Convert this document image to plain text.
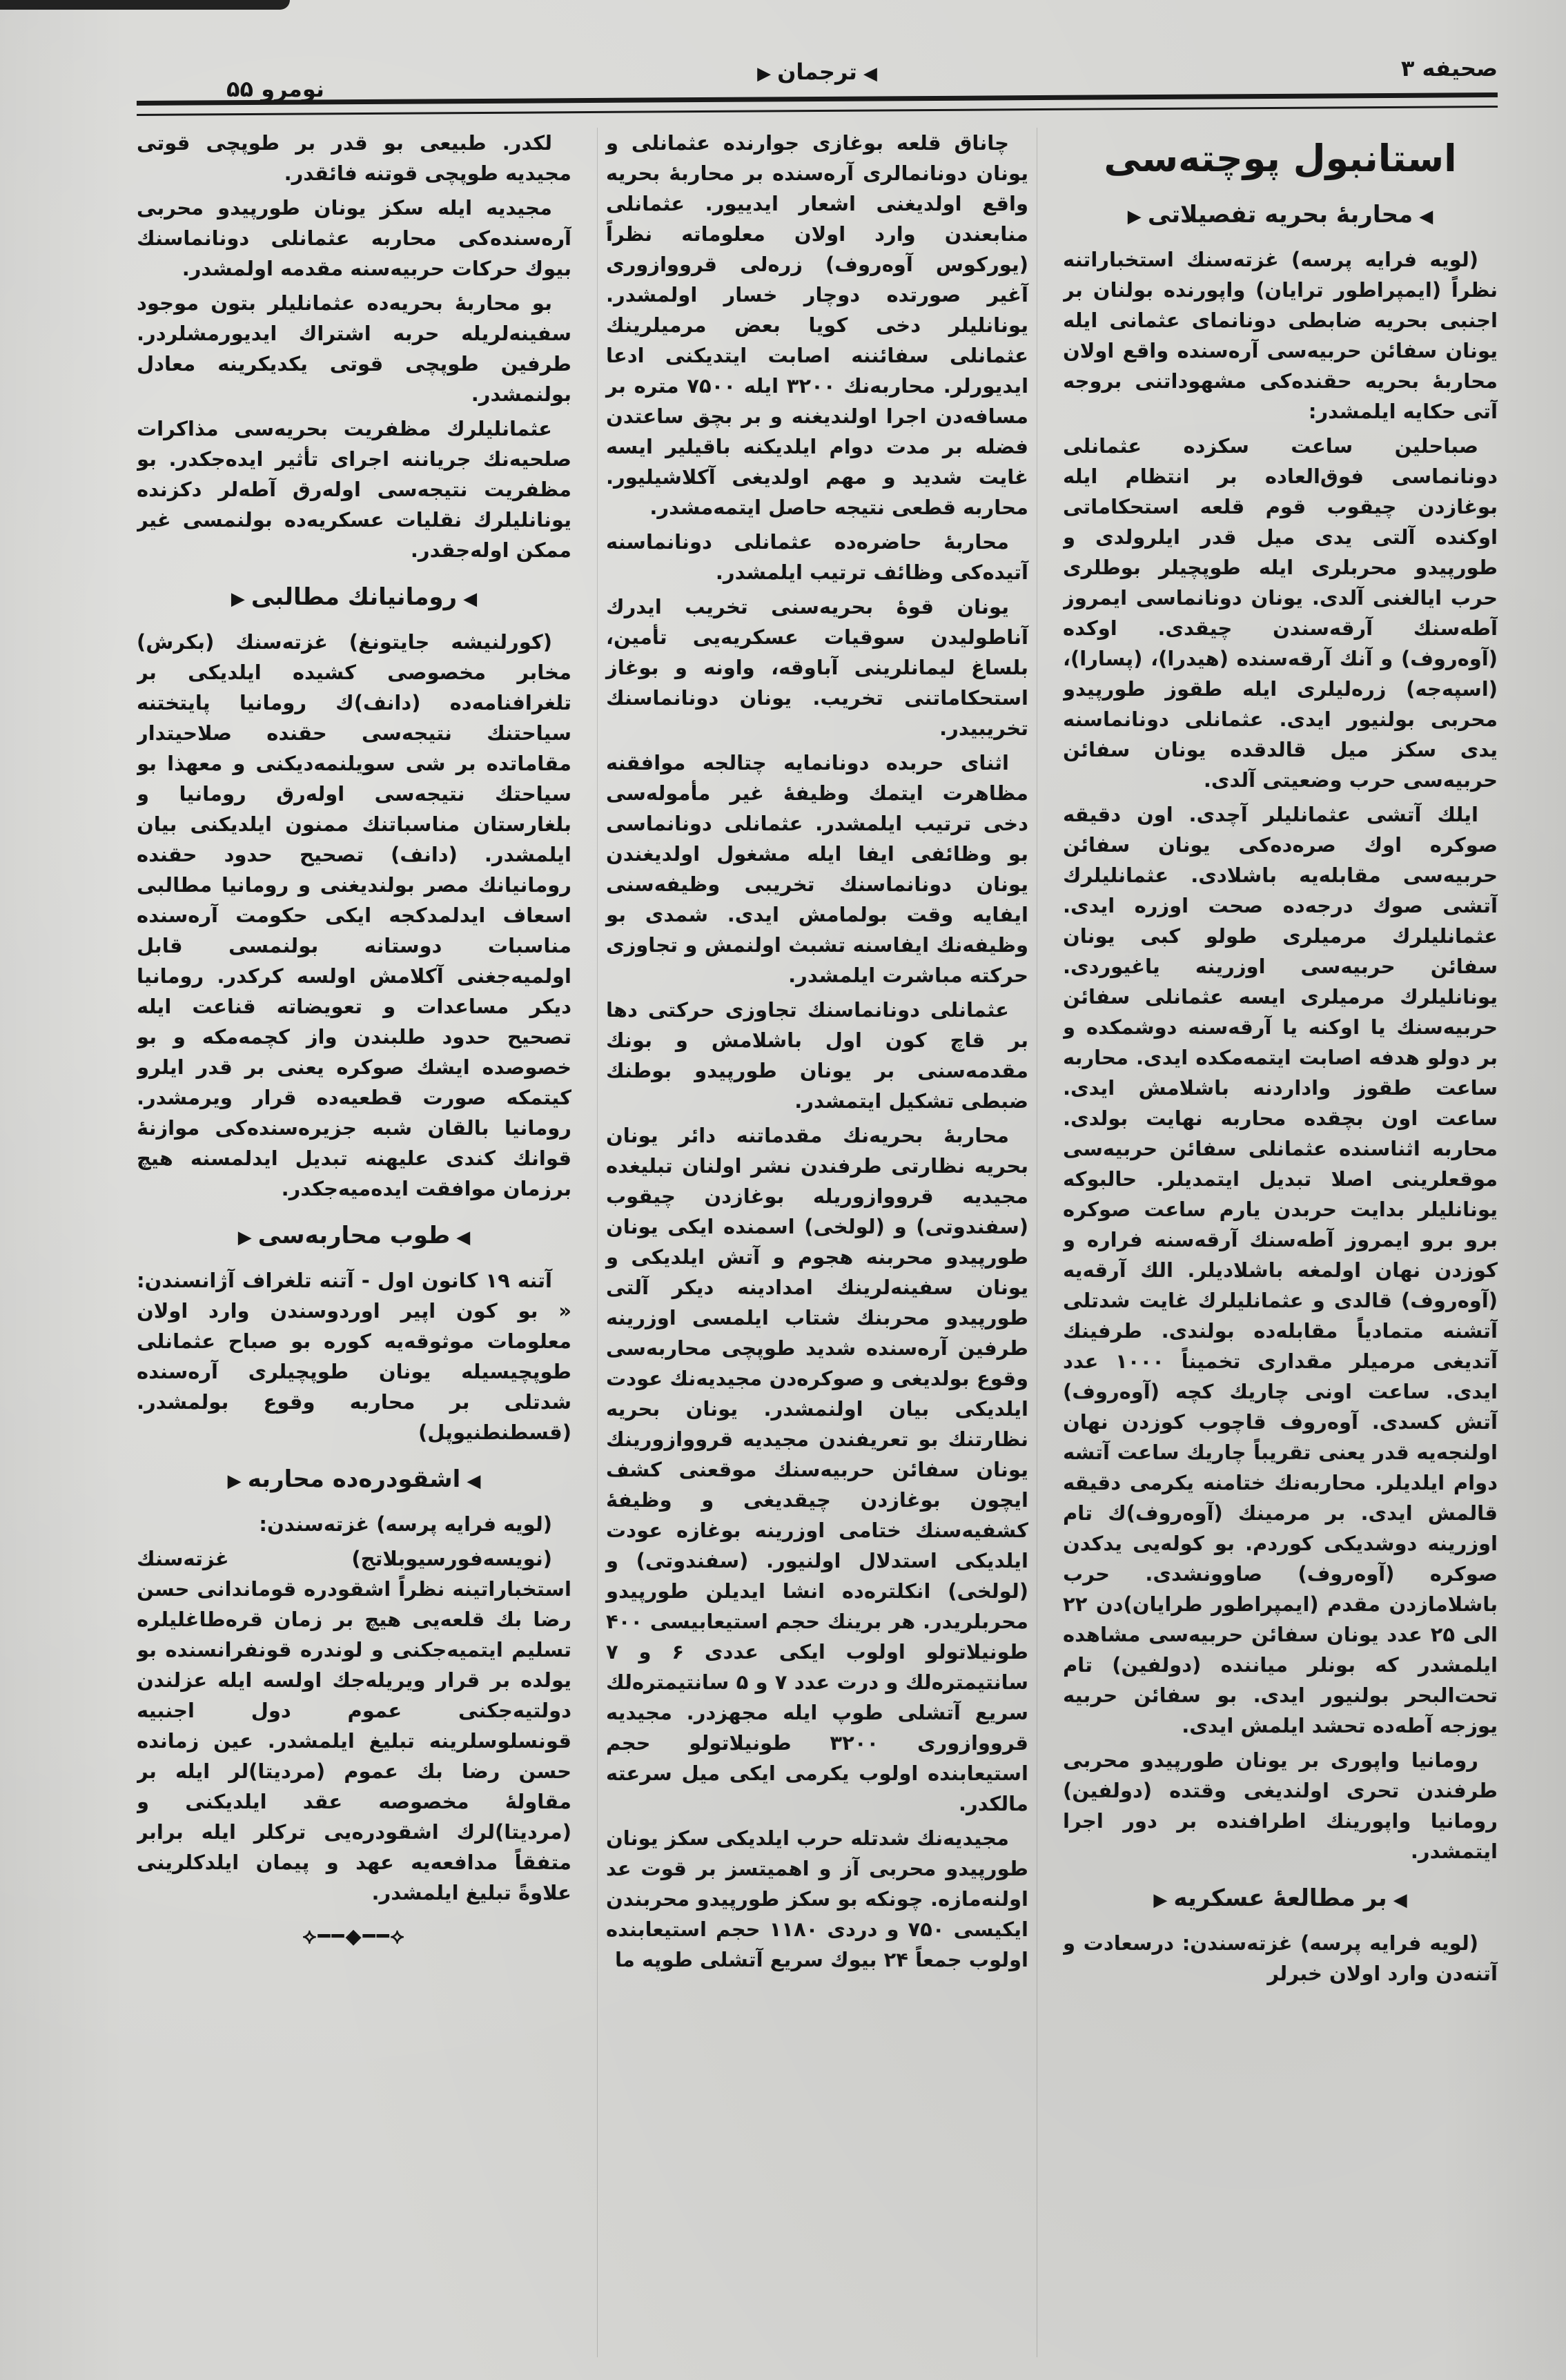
صحیفه ۳
◀ ترجمان ▶
نومرو ۵۵
استانبول پوچته‌سی
◀ محاربهٔ بحریه تفصیلاتی ▶

(لویه فرایه پرسه) غزته‌سنك استخباراتنه نظراً (ایمپراطور ترایان) واپورنده بولنان بر اجنبی بحریه ضابطی دونانمای عثمانی ایله یونان سفائن حربیه‌سی آره‌سنده واقع اولان محاربهٔ بحریه حقنده‌کی مشهوداتنی بروجه آتی حکایه ایلمشدر:

صباحلین ساعت سکزده عثمانلی دونانماسی فوق‌العاده بر انتظام ایله بوغازدن چیقوب قوم قلعه استحکاماتی اوکنده آلتی یدی میل قدر ایلرولدی و طورپیدو محربلری ایله طوپچیلر بوطلری حرب ایالغنی آلدی. یونان دونانماسی ایمروز آطه‌سنك آرقه‌سندن چیقدی. اوکده (آوه‌روف) و آنك آرقه‌سنده (هیدرا)، (پسارا)، (اسپه‌جه) زره‌لیلری ایله طقوز طورپیدو محربی بولنیور ایدی. عثمانلی دونانماسنه یدی سکز میل قالدقده یونان سفائن حربیه‌سی حرب وضعیتی آلدی.

ایلك آتشی عثمانلیلر آچدی. اون دقیقه صوکره اوك صره‌ده‌کی یونان سفائن حربیه‌سی مقابله‌یه باشلادی. عثمانلیلرك آتشی صوك درجه‌ده صحت اوزره ایدی. عثمانلیلرك مرمیلری طولو کبی یونان سفائن حربیه‌سی اوزرینه یاغیوردی. یونانلیلرك مرمیلری ایسه عثمانلی سفائن حربیه‌سنك یا اوکنه یا آرقه‌سنه دوشمکده و بر دولو هدفه اصابت ایتمه‌مکده ایدی. محاربه ساعت طقوز واداردنه باشلامش ایدی. ساعت اون بچقده محاربه نهایت بولدی. محاربه اثناسنده عثمانلی سفائن حربیه‌سی موقعلرینی اصلا تبدیل ایتمدیلر. حالبوکه یونانلیلر بدایت حربدن یارم ساعت صوکره برو برو ایمروز آطه‌سنك آرقه‌سنه فراره و کوزدن نهان اولمغه باشلادیلر. الك آرقه‌یه (آوه‌روف) قالدی و عثمانلیلرك غایت شدتلی آتشنه متمادیاً مقابله‌ده بولندی. طرفینك آتدیغی مرمیلر مقداری تخمیناً ۱۰۰۰ عدد ایدی. ساعت اونی چاریك کچه (آوه‌روف) آتش کسدی. آوه‌روف قاچوب کوزدن نهان اولنجه‌یه قدر یعنی تقریباً چاریك ساعت آتشه دوام ایلدیلر. محاربه‌نك ختامنه یکرمی دقیقه قالمش ایدی. بر مرمینك (آوه‌روف)ك تام اوزرینه دوشدیکی کوردم. بو کوله‌یی یدکدن صوکره (آوه‌روف) صاوونشدی. حرب باشلامازدن مقدم (ایمپراطور طرایان)دن ۲۲ الی ۲۵ عدد یونان سفائن حربیه‌سی مشاهده ایلمشدر که بونلر میاننده (دولفین) تام تحت‌البحر بولنیور ایدی. بو سفائن حربیه یوزجه آطه‌ده تحشد ایلمش ایدی.

رومانیا واپوری بر یونان طورپیدو محربی طرفندن تحری اولندیغی وقتده (دولفین) رومانیا واپورینك اطرافنده بر دور اجرا ایتمشدر.

◀ بر مطالعهٔ عسکریه ▶

(لویه فرایه پرسه) غزته‌سندن: درسعادت و آتنه‌دن وارد اولان خبرلر

چاناق قلعه بوغازی جوارنده عثمانلی و یونان دونانمالری آره‌سنده بر محاربهٔ بحریه واقع اولدیغنی اشعار ایدییور. عثمانلی منابعندن وارد اولان معلوماته نظراً (یورکوس آوه‌روف) زره‌لی قرووازوری آغیر صورتده دوچار خسار اولمشدر. یونانلیلر دخی کویا بعض مرمیلرینك عثمانلی سفائننه اصابت ایتدیکنی ادعا ایدیورلر. محاربه‌نك ۳۲۰۰ ایله ۷۵۰۰ متره بر مسافه‌دن اجرا اولندیغنه و بر بچق ساعتدن فضله بر مدت دوام ایلدیکنه باقیلیر ایسه غایت شدید و مهم اولدیغی آکلاشیلیور. محاربه قطعی نتیجه حاصل ایتمه‌مشدر.

محاربهٔ حاضره‌ده عثمانلی دونانماسنه آتیده‌کی وظائف ترتیب ایلمشدر.

یونان قوهٔ بحریه‌سنی تخریب ایدرك آناطولیدن سوقیات عسکریه‌یی تأمین، بلساغ لیمانلرینی آباوقه، واونه و بوغاز استحکاماتنی تخریب. یونان دونانماسنك تخریبیدر.

اثنای حربده دونانمایه چتالجه موافقنه مظاهرت ایتمك وظیفهٔ غیر مأموله‌سی دخی ترتیب ایلمشدر. عثمانلی دونانماسی بو وظائفی ایفا ایله مشغول اولدیغندن یونان دونانماسنك تخریبی وظیفه‌سنی ایفایه وقت بولمامش ایدی. شمدی بو وظیفه‌نك ایفاسنه تشبث اولنمش و تجاوزی حرکته مباشرت ایلمشدر.

عثمانلی دونانماسنك تجاوزی حرکتی دها بر قاچ کون اول باشلامش و بونك مقدمه‌سنی بر یونان طورپیدو بوطنك ضبطی تشکیل ایتمشدر.

محاربهٔ بحریه‌نك مقدماتنه دائر یونان بحریه نظارتی طرفندن نشر اولنان تبلیغده مجیدیه قرووازوریله بوغازدن چیقوب (سفندوتی) و (لولخی) اسمنده ایکی یونان طورپیدو محربنه هجوم و آتش ایلدیکی و یونان سفینه‌لرینك امدادینه دیکر آلتی طورپیدو محربنك شتاب ایلمسی اوزرینه طرفین آره‌سنده شدید طوپچی محاربه‌سی وقوع بولدیغی و صوکره‌دن مجیدیه‌نك عودت ایلدیکی بیان اولنمشدر. یونان بحریه نظارتنك بو تعریفندن مجیدیه قرووازورینك یونان سفائن حربیه‌سنك موقعنی کشف ایچون بوغازدن چیقدیغی و وظیفهٔ کشفیه‌سنك ختامی اوزرینه بوغازه عودت ایلدیکی استدلال اولنیور. (سفندوتی) و (لولخی) انکلتره‌ده انشا ایدیلن طورپیدو محربلریدر. هر برینك حجم استیعابیسی ۴۰۰ طونیلاتولو اولوب ایکی عددی ۶ و ۷ سانتیمتره‌لك و درت عدد ۷ و ۵ سانتیمتره‌لك سریع آتشلی طوپ ایله مجهزدر. مجیدیه قرووازوری ۳۲۰۰ طونیلاتولو حجم استیعابنده اولوب یکرمی ایکی میل سرعته مالکدر.

مجیدیه‌نك شدتله حرب ایلدیکی سکز یونان طورپیدو محربی آز و اهمیتسز بر قوت عد اولنه‌مازه. چونکه بو سکز طورپیدو محربندن ایکیسی ۷۵۰ و دردی ۱۱۸۰ حجم استیعابنده اولوب جمعاً ۲۴ بیوك سریع آتشلی طوپه ما

لکدر. طبیعی بو قدر بر طوپچی قوتی مجیدیه طوپچی قوتنه فائقدر.

مجیدیه ایله سکز یونان طورپیدو محربی آره‌سنده‌کی محاربه عثمانلی دونانماسنك بیوك حرکات حربیه‌سنه مقدمه اولمشدر.

بو محاربهٔ بحریه‌ده عثمانلیلر بتون موجود سفینه‌لریله حربه اشتراك ایدیورمشلردر. طرفین طوپچی قوتی یکدیکرینه معادل بولنمشدر.

عثمانلیلرك مظفریت بحریه‌سی مذاکرات صلحیه‌نك جریاننه اجرای تأثیر ایده‌جکدر. بو مظفریت نتیجه‌سی اوله‌رق آطه‌لر دکزنده یونانلیلرك نقلیات عسکریه‌ده بولنمسی غیر ممکن اوله‌جقدر.

◀ رومانیانك مطالبی ▶

(کورلنیشه جایتونغ) غزته‌سنك (بکرش) مخابر مخصوصی کشیده ایلدیکی بر تلغرافنامه‌ده (دانف)ك رومانیا پایتختنه سیاحتنك نتیجه‌سی حقنده صلاحیتدار مقاماتده بر شی سویلنمه‌دیکنی و معهذا بو سیاحتك نتیجه‌سی اوله‌رق رومانیا و بلغارستان مناسباتنك ممنون ایلدیکنی بیان ایلمشدر. (دانف) تصحیح حدود حقنده رومانیانك مصر بولندیغنی و رومانیا مطالبی اسعاف ایدلمدکجه ایکی حکومت آره‌سنده مناسبات دوستانه بولنمسی قابل اولمیه‌جغنی آکلامش اولسه کرکدر. رومانیا دیکر مساعدات و تعویضاته قناعت ایله تصحیح حدود طلبندن واز کچمه‌مکه و بو خصوصده ایشك صوکره یعنی بر قدر ایلرو کیتمکه صورت قطعیه‌ده قرار ویرمشدر. رومانیا بالقان شبه جزیره‌سنده‌کی موازنهٔ قوانك کندی علیهنه تبدیل ایدلمسنه هیچ برزمان موافقت ایده‌میه‌جکدر.

◀ طوب محاربه‌سی ▶

آتنه ۱۹ کانون اول - آتنه تلغراف آژانسندن: « بو کون اپیر اوردوسندن وارد اولان معلومات موثوقه‌یه کوره بو صباح عثمانلی طوپچیسیله یونان طوپچیلری آره‌سنده شدتلی بر محاربه وقوع بولمشدر. (قسطنطنیوپل)

◀ اشقودره‌ده محاربه ▶

(لویه فرایه پرسه) غزته‌سندن:

(نویسه‌فورسیوبلاتج) غزته‌سنك استخباراتینه نظراً اشقودره قوماندانی حسن رضا بك قلعه‌یی هیچ بر زمان قره‌طاغلیلره تسلیم ایتمیه‌جکنی و لوندره قونفرانسنده بو یولده بر قرار ویریله‌جك اولسه ایله عزلندن دولتیه‌جکنی عموم دول اجنبیه قونسلوسلرینه تبلیغ ایلمشدر. عین زمانده حسن رضا بك عموم (مردیتا)لر ایله بر مقاولهٔ مخصوصه عقد ایلدیکنی و (مردیتا)لرك اشقودره‌یی ترکلر ایله برابر متفقاً مدافعه‌یه عهد و پیمان ایلدکلرینی علاوةً تبلیغ ایلمشدر.

⟡━━◆━━⟡
